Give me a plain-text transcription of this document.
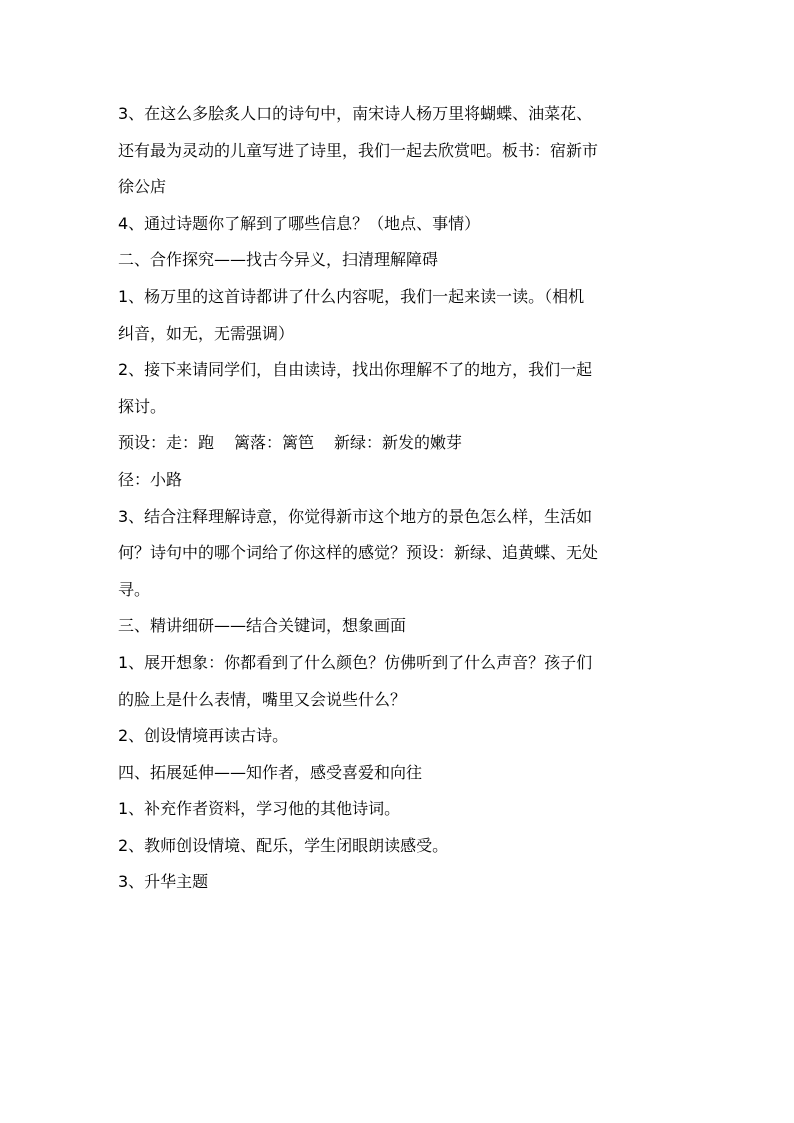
3、在这么多脍炙人口的诗句中，南宋诗人杨万里将蝴蝶、油菜花、
还有最为灵动的儿童写进了诗里，我们一起去欣赏吧。板书：宿新市
徐公店
4、通过诗题你了解到了哪些信息？（地点、事情）
二、合作探究——找古今异义，扫清理解障碍
1、杨万里的这首诗都讲了什么内容呢，我们一起来读一读。（相机
纠音，如无，无需强调）
2、接下来请同学们，自由读诗，找出你理解不了的地方，我们一起
探讨。
预设：走：跑 篱落：篱笆 新绿：新发的嫩芽
径：小路
3、结合注释理解诗意，你觉得新市这个地方的景色怎么样，生活如
何？诗句中的哪个词给了你这样的感觉？预设：新绿、追黄蝶、无处
寻。
三、精讲细研——结合关键词，想象画面
1、展开想象：你都看到了什么颜色？仿佛听到了什么声音？孩子们
的脸上是什么表情，嘴里又会说些什么？
2、创设情境再读古诗。
四、拓展延伸——知作者，感受喜爱和向往
1、补充作者资料，学习他的其他诗词。
2、教师创设情境、配乐，学生闭眼朗读感受。
3、升华主题
